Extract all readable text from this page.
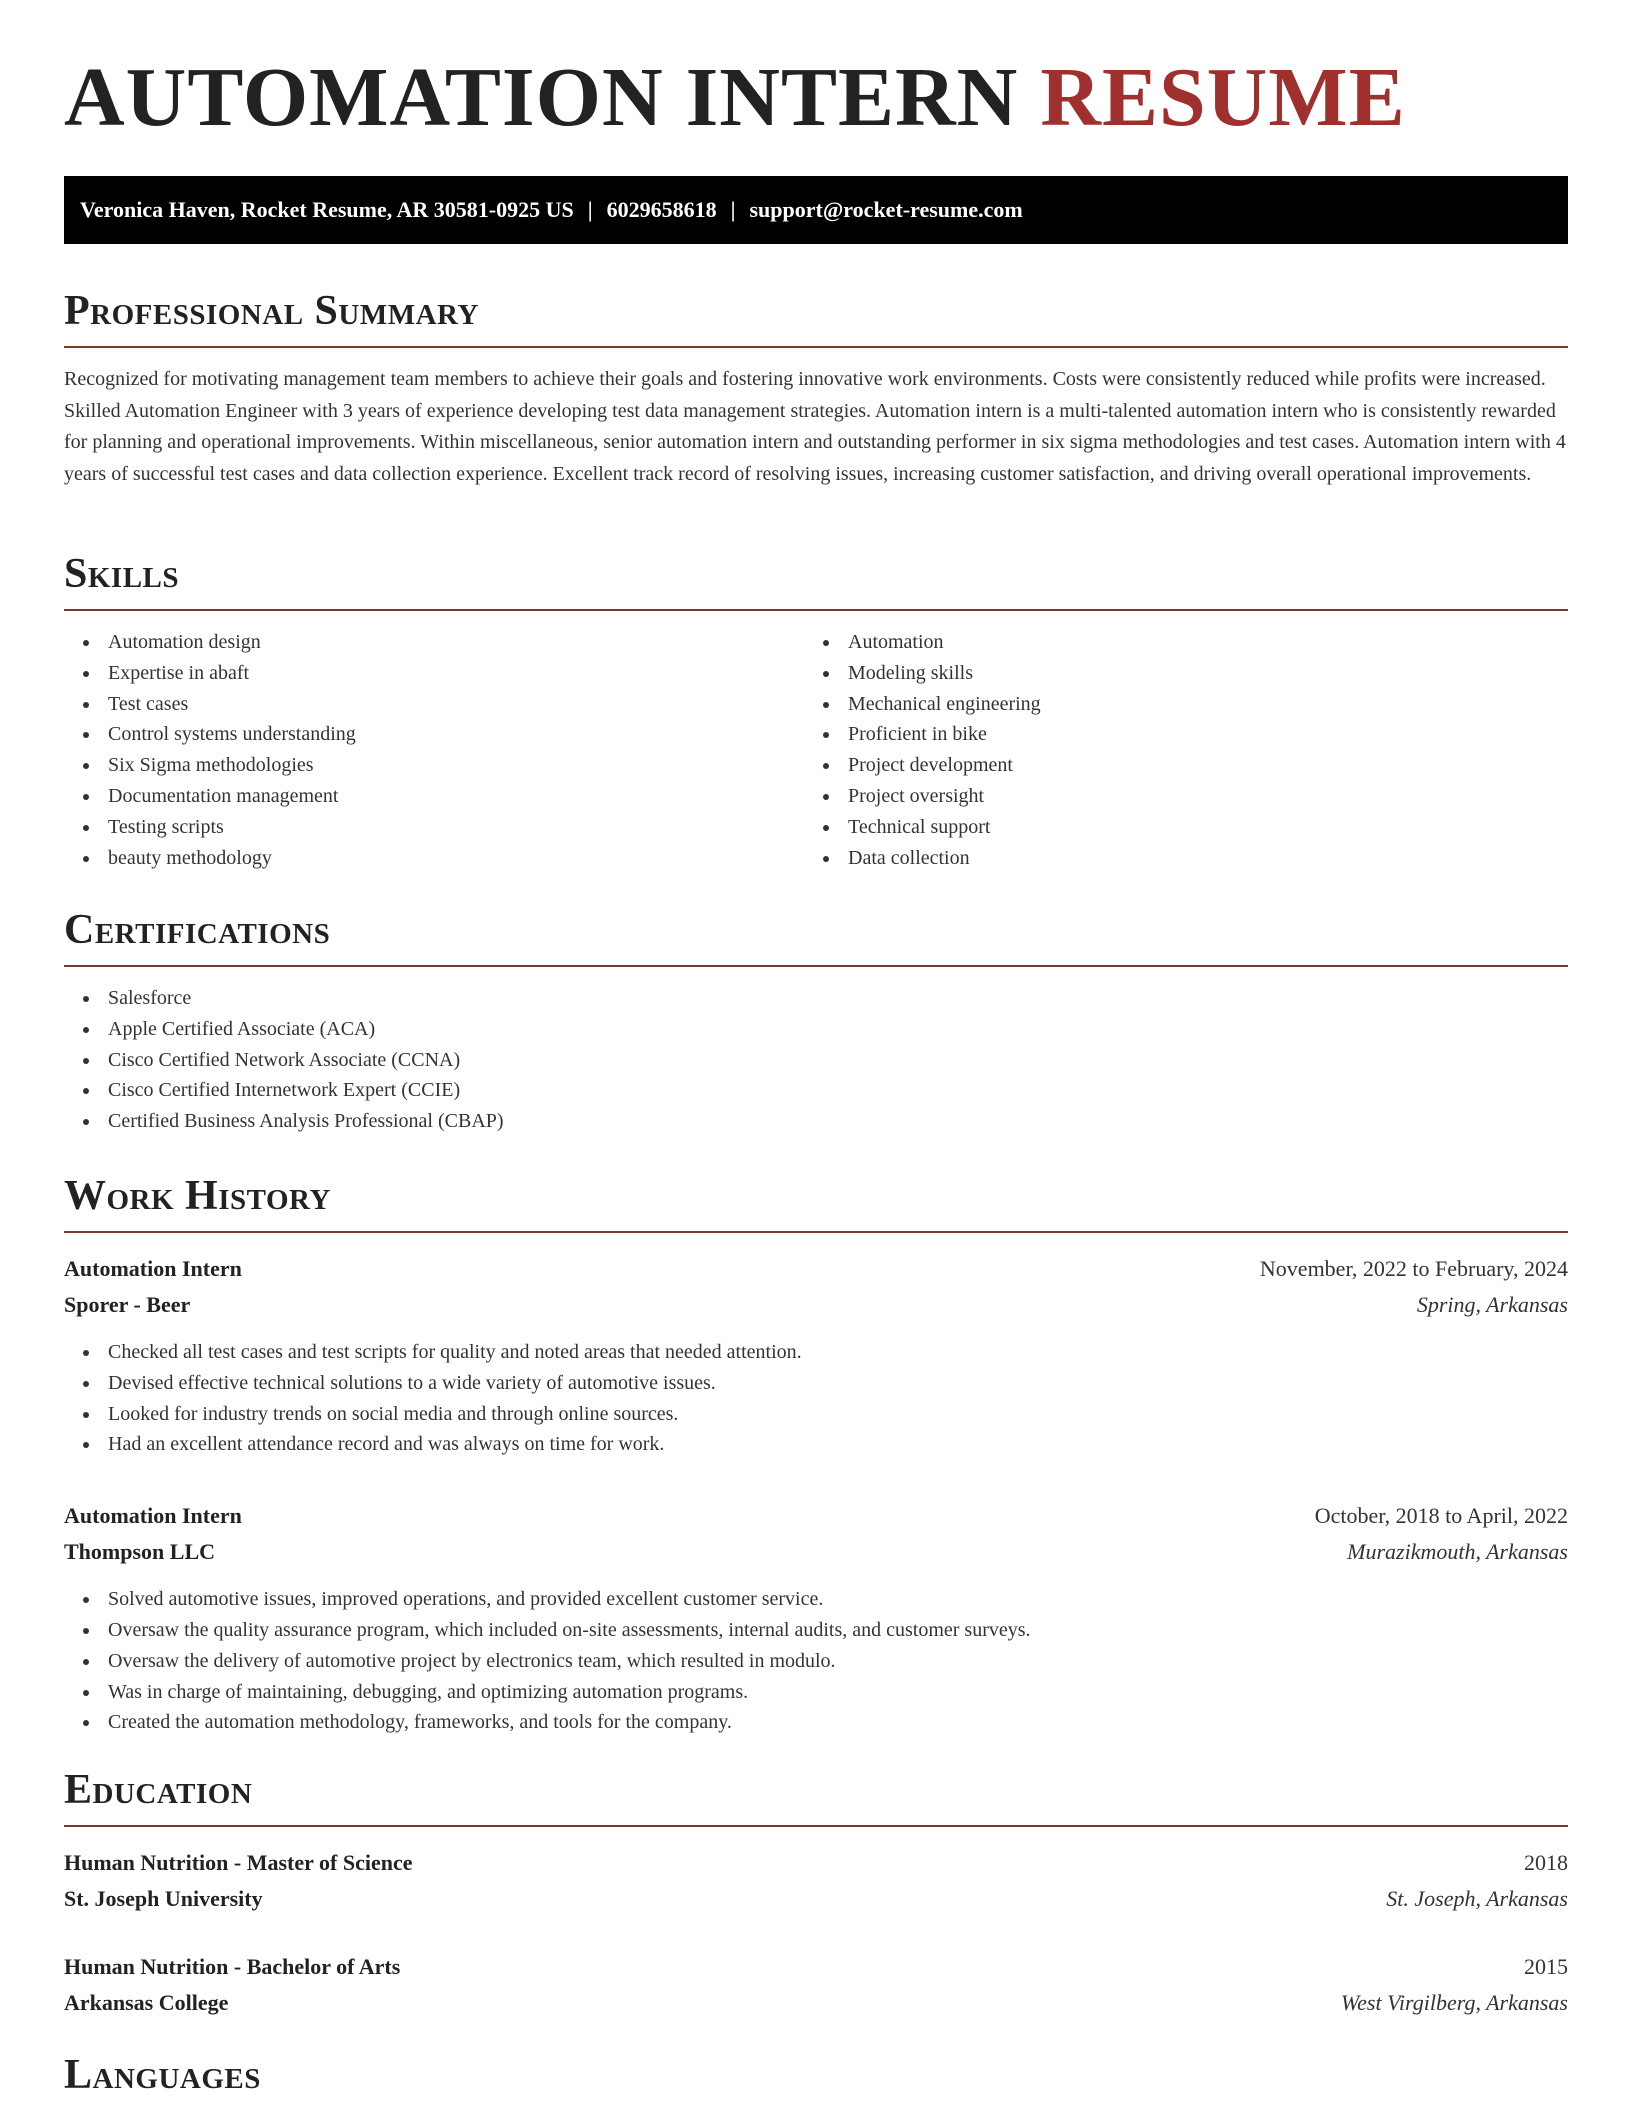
AUTOMATION INTERN RESUME
Veronica Haven, Rocket Resume, AR 30581-0925 US | 6029658618 | support@rocket-resume.com
Professional Summary

Recognized for motivating management team members to achieve their goals and fostering innovative work environments. Costs were consistently reduced while profits were increased. Skilled Automation Engineer with 3 years of experience developing test data management strategies. Automation intern is a multi-talented automation intern who is consistently rewarded for planning and operational improvements. Within miscellaneous, senior automation intern and outstanding performer in six sigma methodologies and test cases. Automation intern with 4 years of successful test cases and data collection experience. Excellent track record of resolving issues, increasing customer satisfaction, and driving overall operational improvements.

Skills
Automation design
Expertise in abaft
Test cases
Control systems understanding
Six Sigma methodologies
Documentation management
Testing scripts
beauty methodology
Automation
Modeling skills
Mechanical engineering
Proficient in bike
Project development
Project oversight
Technical support
Data collection
Certifications
Salesforce
Apple Certified Associate (ACA)
Cisco Certified Network Associate (CCNA)
Cisco Certified Internetwork Expert (CCIE)
Certified Business Analysis Professional (CBAP)
Work History
Automation Intern	November, 2022 to February, 2024
Sporer - Beer	Spring, Arkansas
Checked all test cases and test scripts for quality and noted areas that needed attention.
Devised effective technical solutions to a wide variety of automotive issues.
Looked for industry trends on social media and through online sources.
Had an excellent attendance record and was always on time for work.
Automation Intern	October, 2018 to April, 2022
Thompson LLC	Murazikmouth, Arkansas
Solved automotive issues, improved operations, and provided excellent customer service.
Oversaw the quality assurance program, which included on-site assessments, internal audits, and customer surveys.
Oversaw the delivery of automotive project by electronics team, which resulted in modulo.
Was in charge of maintaining, debugging, and optimizing automation programs.
Created the automation methodology, frameworks, and tools for the company.
Education
Human Nutrition - Master of Science	2018
St. Joseph University	St. Joseph, Arkansas
Human Nutrition - Bachelor of Arts	2015
Arkansas College	West Virgilberg, Arkansas
Languages
